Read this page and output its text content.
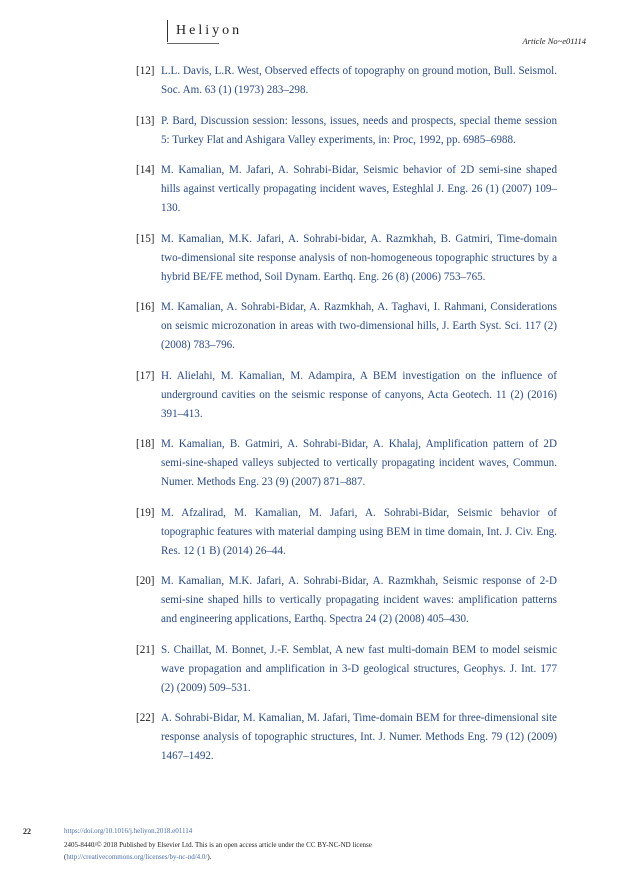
Heliyon
Article No~e01114
[12] L.L. Davis, L.R. West, Observed effects of topography on ground motion, Bull. Seismol. Soc. Am. 63 (1) (1973) 283–298.
[13] P. Bard, Discussion session: lessons, issues, needs and prospects, special theme session 5: Turkey Flat and Ashigara Valley experiments, in: Proc, 1992, pp. 6985–6988.
[14] M. Kamalian, M. Jafari, A. Sohrabi-Bidar, Seismic behavior of 2D semi-sine shaped hills against vertically propagating incident waves, Esteghlal J. Eng. 26 (1) (2007) 109–130.
[15] M. Kamalian, M.K. Jafari, A. Sohrabi-bidar, A. Razmkhah, B. Gatmiri, Time-domain two-dimensional site response analysis of non-homogeneous topographic structures by a hybrid BE/FE method, Soil Dynam. Earthq. Eng. 26 (8) (2006) 753–765.
[16] M. Kamalian, A. Sohrabi-Bidar, A. Razmkhah, A. Taghavi, I. Rahmani, Considerations on seismic microzonation in areas with two-dimensional hills, J. Earth Syst. Sci. 117 (2) (2008) 783–796.
[17] H. Alielahi, M. Kamalian, M. Adampira, A BEM investigation on the influence of underground cavities on the seismic response of canyons, Acta Geotech. 11 (2) (2016) 391–413.
[18] M. Kamalian, B. Gatmiri, A. Sohrabi-Bidar, A. Khalaj, Amplification pattern of 2D semi-sine-shaped valleys subjected to vertically propagating incident waves, Commun. Numer. Methods Eng. 23 (9) (2007) 871–887.
[19] M. Afzalirad, M. Kamalian, M. Jafari, A. Sohrabi-Bidar, Seismic behavior of topographic features with material damping using BEM in time domain, Int. J. Civ. Eng. Res. 12 (1 B) (2014) 26–44.
[20] M. Kamalian, M.K. Jafari, A. Sohrabi-Bidar, A. Razmkhah, Seismic response of 2-D semi-sine shaped hills to vertically propagating incident waves: amplification patterns and engineering applications, Earthq. Spectra 24 (2) (2008) 405–430.
[21] S. Chaillat, M. Bonnet, J.-F. Semblat, A new fast multi-domain BEM to model seismic wave propagation and amplification in 3-D geological structures, Geophys. J. Int. 177 (2) (2009) 509–531.
[22] A. Sohrabi-Bidar, M. Kamalian, M. Jafari, Time-domain BEM for three-dimensional site response analysis of topographic structures, Int. J. Numer. Methods Eng. 79 (12) (2009) 1467–1492.
22	https://doi.org/10.1016/j.heliyon.2018.e01114
2405-8440/© 2018 Published by Elsevier Ltd. This is an open access article under the CC BY-NC-ND license
(http://creativecommons.org/licenses/by-nc-nd/4.0/).
